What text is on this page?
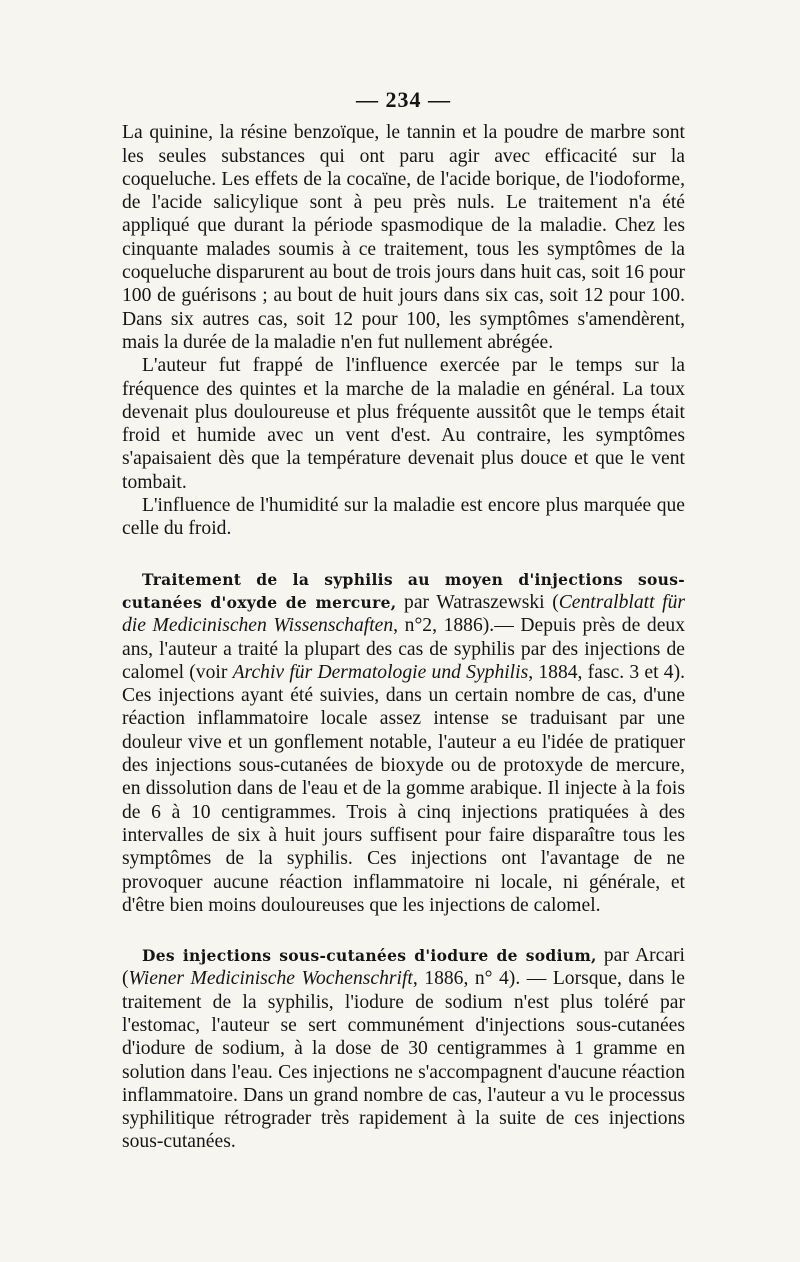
— 234 —

La quinine, la résine benzoïque, le tannin et la poudre de marbre sont les seules substances qui ont paru agir avec efficacité sur la coqueluche. Les effets de la cocaïne, de l'acide borique, de l'iodoforme, de l'acide salicylique sont à peu près nuls. Le traitement n'a été appliqué que durant la période spasmodique de la maladie. Chez les cinquante malades soumis à ce traitement, tous les symptômes de la coqueluche disparurent au bout de trois jours dans huit cas, soit 16 pour 100 de guérisons ; au bout de huit jours dans six cas, soit 12 pour 100. Dans six autres cas, soit 12 pour 100, les symptômes s'amendèrent, mais la durée de la maladie n'en fut nullement abrégée.

L'auteur fut frappé de l'influence exercée par le temps sur la fréquence des quintes et la marche de la maladie en général. La toux devenait plus douloureuse et plus fréquente aussitôt que le temps était froid et humide avec un vent d'est. Au contraire, les symptômes s'apaisaient dès que la température devenait plus douce et que le vent tombait.

L'influence de l'humidité sur la maladie est encore plus marquée que celle du froid.

Traitement de la syphilis au moyen d'injections sous-cutanées d'oxyde de mercure, par Watraszewski (Centralblatt für die Medicinischen Wissenschaften, n°2, 1886).— Depuis près de deux ans, l'auteur a traité la plupart des cas de syphilis par des injections de calomel (voir Archiv für Dermatologie und Syphilis, 1884, fasc. 3 et 4). Ces injections ayant été suivies, dans un certain nombre de cas, d'une réaction inflammatoire locale assez intense se traduisant par une douleur vive et un gonflement notable, l'auteur a eu l'idée de pratiquer des injections sous-cutanées de bioxyde ou de protoxyde de mercure, en dissolution dans de l'eau et de la gomme arabique. Il injecte à la fois de 6 à 10 centigrammes. Trois à cinq injections pratiquées à des intervalles de six à huit jours suffisent pour faire disparaître tous les symptômes de la syphilis. Ces injections ont l'avantage de ne provoquer aucune réaction inflammatoire ni locale, ni générale, et d'être bien moins douloureuses que les injections de calomel.

Des injections sous-cutanées d'iodure de sodium, par Arcari (Wiener Medicinische Wochenschrift, 1886, n° 4). — Lorsque, dans le traitement de la syphilis, l'iodure de sodium n'est plus toléré par l'estomac, l'auteur se sert communément d'injections sous-cutanées d'iodure de sodium, à la dose de 30 centigrammes à 1 gramme en solution dans l'eau. Ces injections ne s'accompagnent d'aucune réaction inflammatoire. Dans un grand nombre de cas, l'auteur a vu le processus syphilitique rétrograder très rapidement à la suite de ces injections sous-cutanées.
